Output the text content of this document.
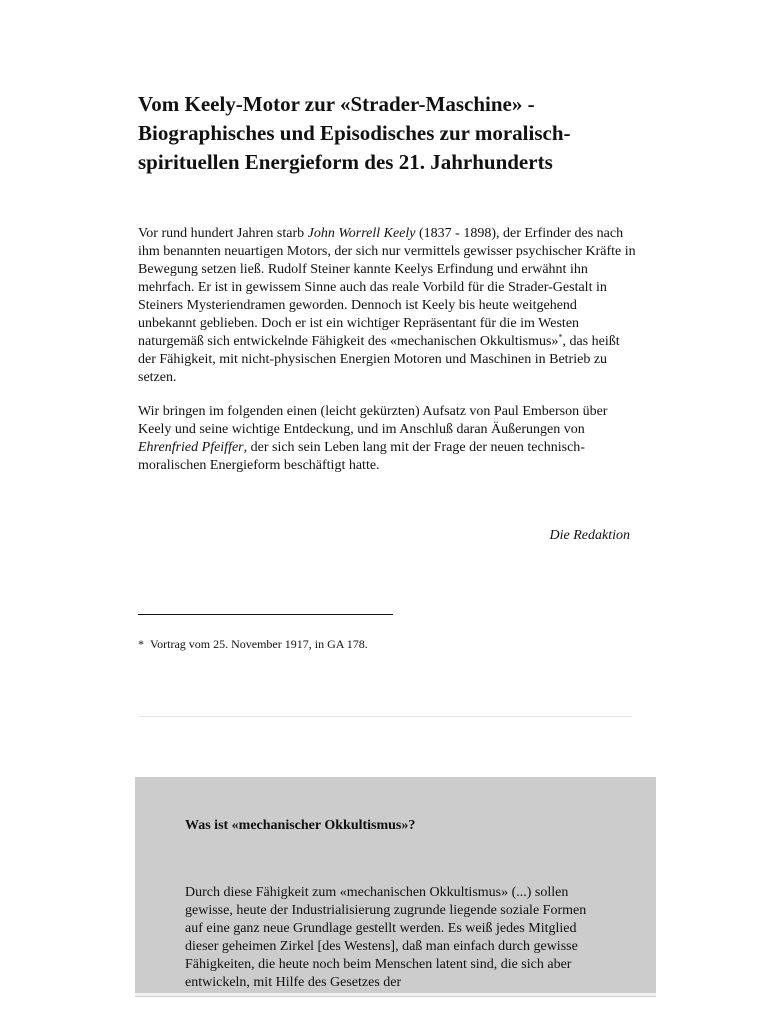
Vom Keely-Motor zur «Strader-Maschine» - Biographisches und Episodisches zur moralisch-spirituellen Energieform des 21. Jahrhunderts

Vor rund hundert Jahren starb John Worrell Keely (1837 - 1898), der Erfinder des nach ihm benannten neuartigen Motors, der sich nur vermittels gewisser psychischer Kräfte in Bewegung setzen ließ. Rudolf Steiner kannte Keelys Erfindung und erwähnt ihn mehrfach. Er ist in gewissem Sinne auch das reale Vorbild für die Strader-Gestalt in Steiners Mysteriendramen geworden. Dennoch ist Keely bis heute weitgehend unbekannt geblieben. Doch er ist ein wichtiger Repräsentant für die im Westen naturgemäß sich entwickelnde Fähigkeit des «mechanischen Okkultismus»*, das heißt der Fähigkeit, mit nicht-physischen Energien Motoren und Maschinen in Betrieb zu setzen.

Wir bringen im folgenden einen (leicht gekürzten) Aufsatz von Paul Emberson über Keely und seine wichtige Entdeckung, und im Anschluß daran Äußerungen von Ehrenfried Pfeiffer, der sich sein Leben lang mit der Frage der neuen technisch-moralischen Energieform beschäftigt hatte.

Die Redaktion

* Vortrag vom 25. November 1917, in GA 178.

Was ist «mechanischer Okkultismus»?

Durch diese Fähigkeit zum «mechanischen Okkultismus» (...) sollen gewisse, heute der Industrialisierung zugrunde liegende soziale Formen auf eine ganz neue Grundlage gestellt werden. Es weiß jedes Mitglied dieser geheimen Zirkel [des Westens], daß man einfach durch gewisse Fähigkeiten, die heute noch beim Menschen latent sind, die sich aber entwickeln, mit Hilfe des Gesetzes der
